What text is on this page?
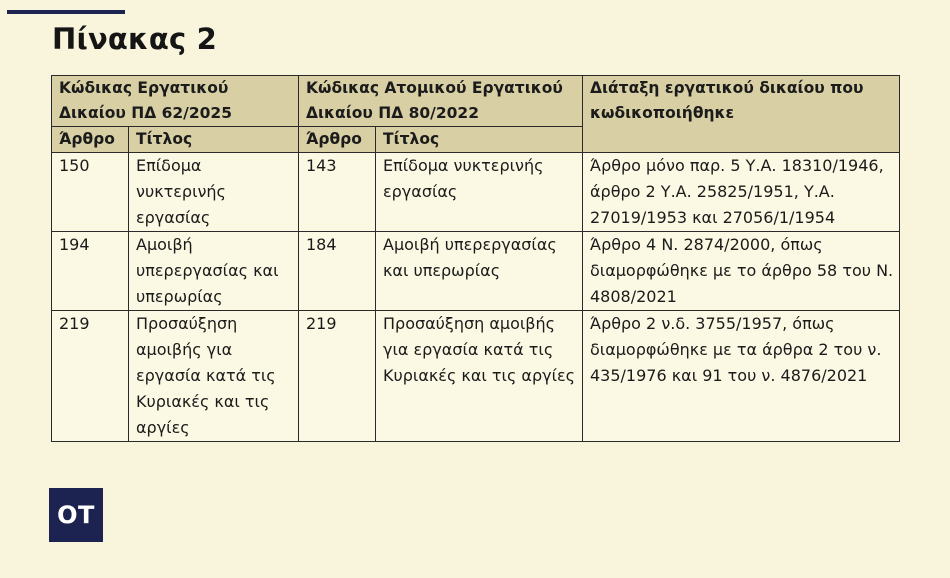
Πίνακας 2
Κώδικας Εργατικού Δικαίου ΠΔ 62/2025		Κώδικας Ατομικού Εργατικού Δικαίου ΠΔ 80/2022		Διάταξη εργατικού δικαίου που κωδικοποιήθηκε
Άρθρο	Τίτλος	Άρθρο	Τίτλος	
150	Επίδομα νυκτερινής εργασίας	143	Επίδομα νυκτερινής εργασίας	Άρθρο μόνο παρ. 5 Υ.Α. 18310/1946, άρθρο 2 Υ.Α. 25825/1951, Υ.Α. 27019/1953 και 27056/1/1954
194	Αμοιβή υπερεργασίας και υπερωρίας	184	Αμοιβή υπερεργασίας και υπερωρίας	Άρθρο 4 Ν. 2874/2000, όπως διαμορφώθηκε με το άρθρο 58 του Ν. 4808/2021
219	Προσαύξηση αμοιβής για εργασία κατά τις Κυριακές και τις αργίες	219	Προσαύξηση αμοιβής για εργασία κατά τις Κυριακές και τις αργίες	Άρθρο 2 ν.δ. 3755/1957, όπως διαμορφώθηκε με τα άρθρα 2 του ν. 435/1976 και 91 του ν. 4876/2021
ΟΤ
